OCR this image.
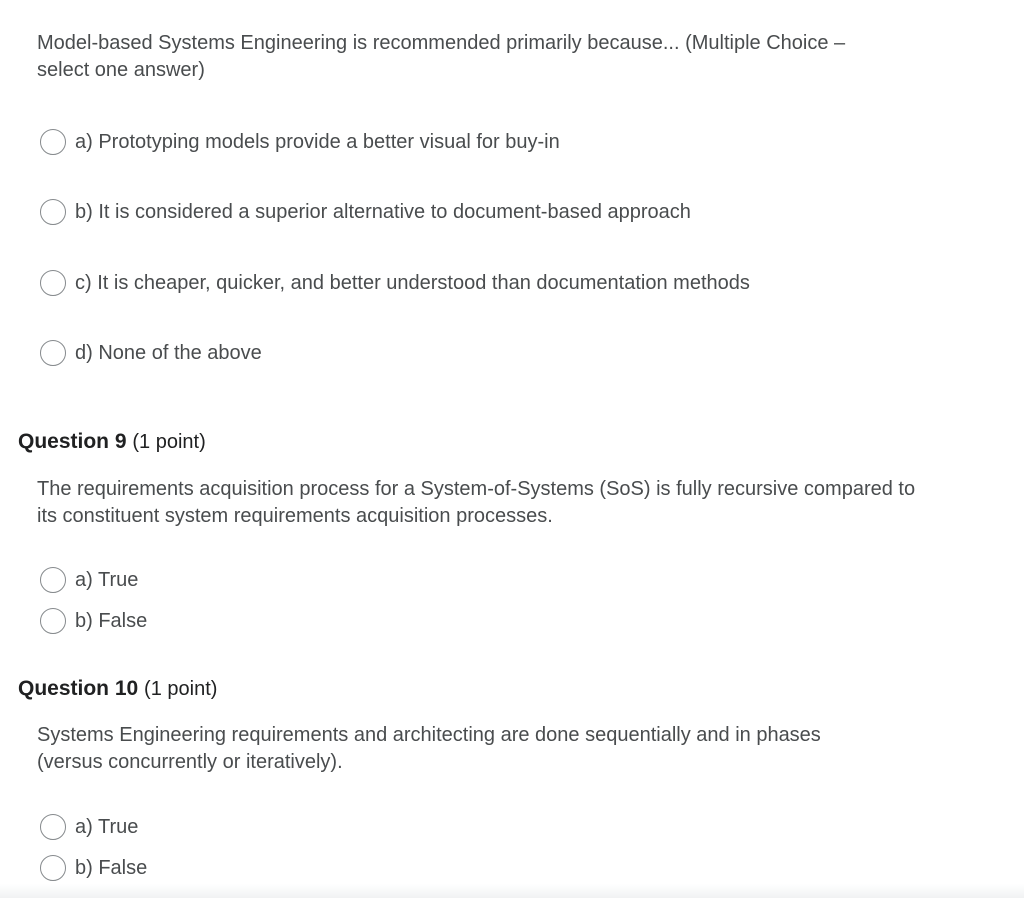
Model-based Systems Engineering is recommended primarily because... (Multiple Choice – select one answer)

a) Prototyping models provide a better visual for buy-in
b) It is considered a superior alternative to document-based approach
c) It is cheaper, quicker, and better understood than documentation methods
d) None of the above
Question 9 (1 point)

The requirements acquisition process for a System-of-Systems (SoS) is fully recursive compared to its constituent system requirements acquisition processes.

a) True
b) False
Question 10 (1 point)

Systems Engineering requirements and architecting are done sequentially and in phases (versus concurrently or iteratively).

a) True
b) False
